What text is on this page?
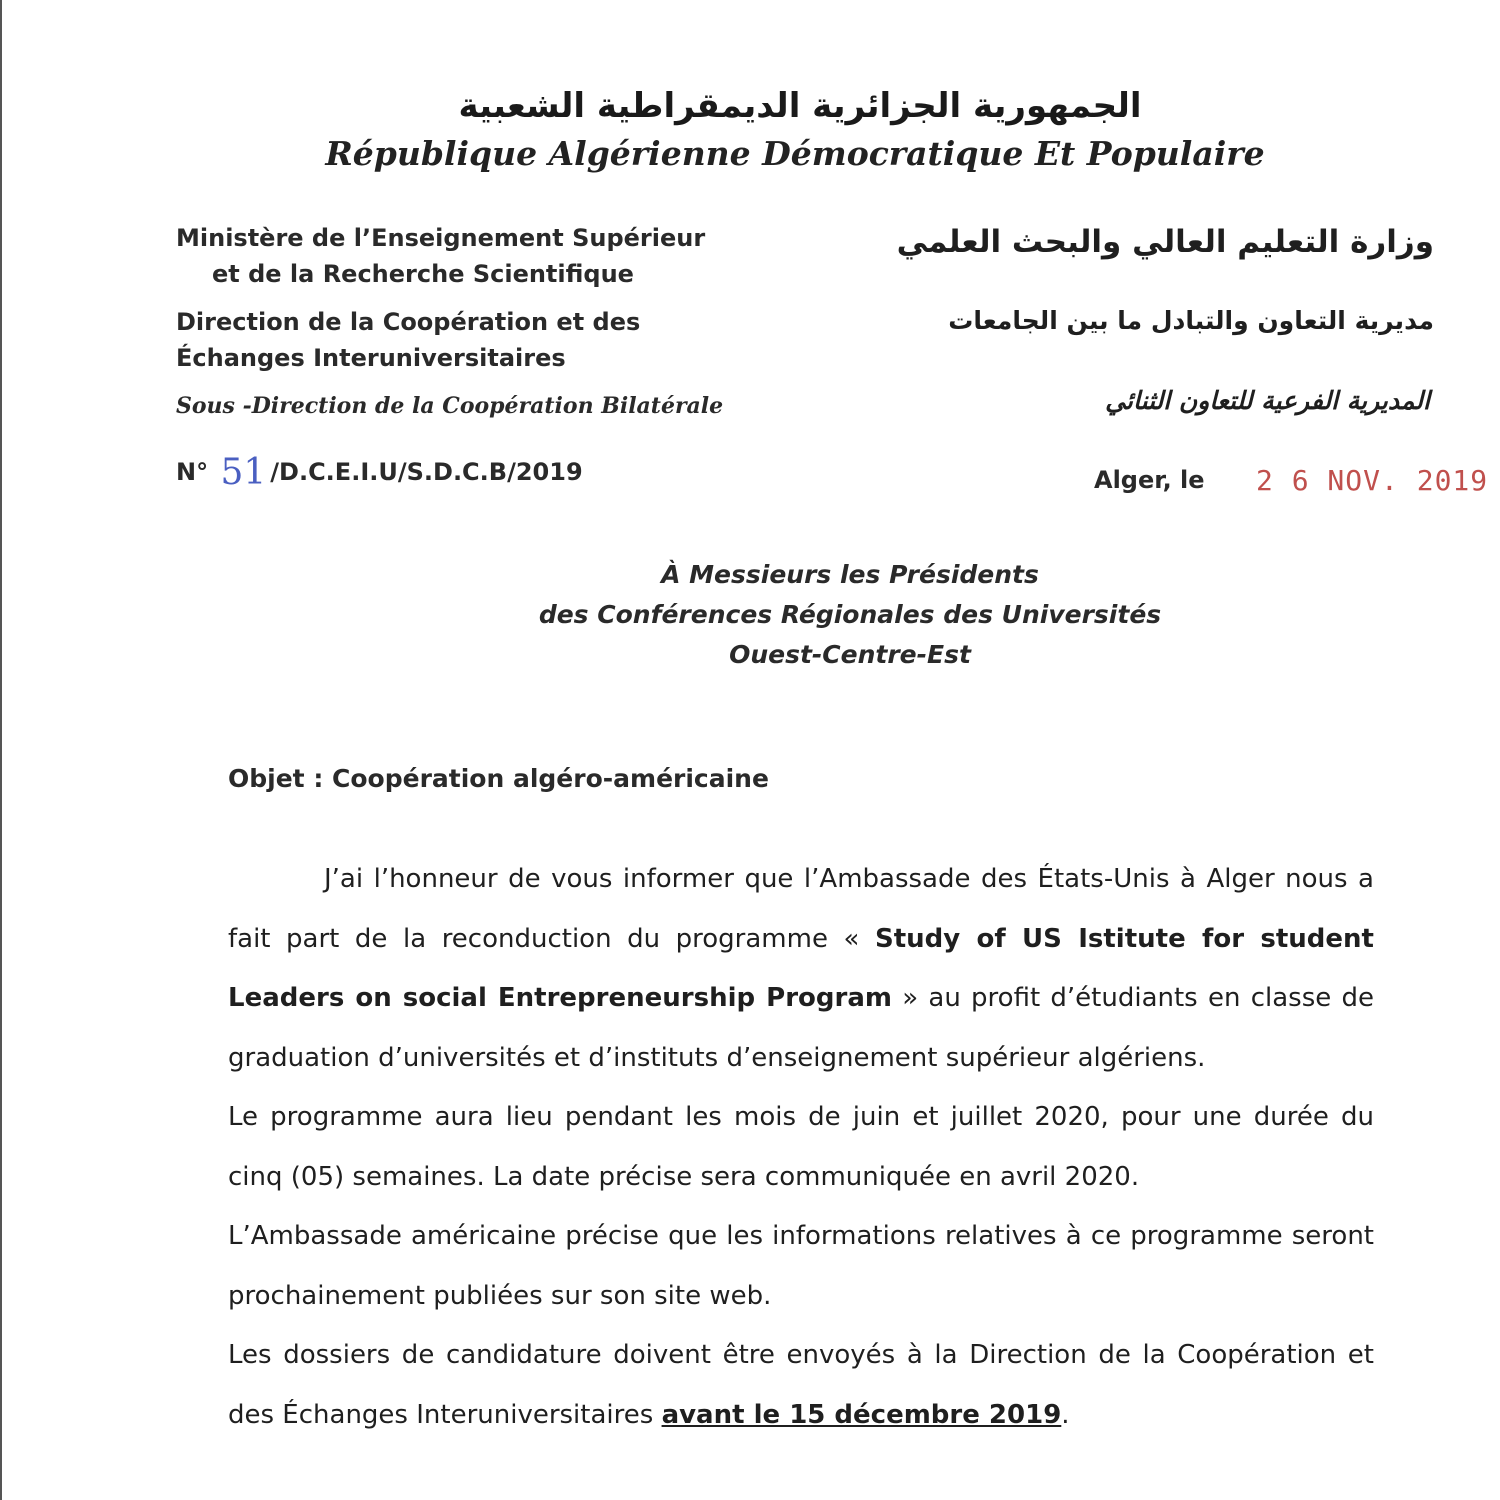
الجمهورية الجزائرية الديمقراطية الشعبية
République Algérienne Démocratique Et Populaire
Ministère de l’Enseignement Supérieur
et de la Recherche Scientifique
Direction de la Coopération et des
Échanges Interuniversitaires
Sous -Direction de la Coopération Bilatérale
وزارة التعليم العالي والبحث العلمي
مديرية التعاون والتبادل ما بين الجامعات
المديرية الفرعية للتعاون الثنائي
N° 51 /D.C.E.I.U/S.D.C.B/2019	Alger, le 2 6 NOV. 2019
À Messieurs les Présidents
des Conférences Régionales des Universités
Ouest-Centre-Est
Objet : Coopération algéro-américaine

J’ai l’honneur de vous informer que l’Ambassade des États-Unis à Alger nous a fait part de la reconduction du programme « Study of US Istitute for student Leaders on social Entrepreneurship Program » au profit d’étudiants en classe de graduation d’universités et d’instituts d’enseignement supérieur algériens.

Le programme aura lieu pendant les mois de juin et juillet 2020, pour une durée du cinq (05) semaines. La date précise sera communiquée en avril 2020.

L’Ambassade américaine précise que les informations relatives à ce programme seront prochainement publiées sur son site web.

Les dossiers de candidature doivent être envoyés à la Direction de la Coopération et des Échanges Interuniversitaires avant le 15 décembre 2019.
